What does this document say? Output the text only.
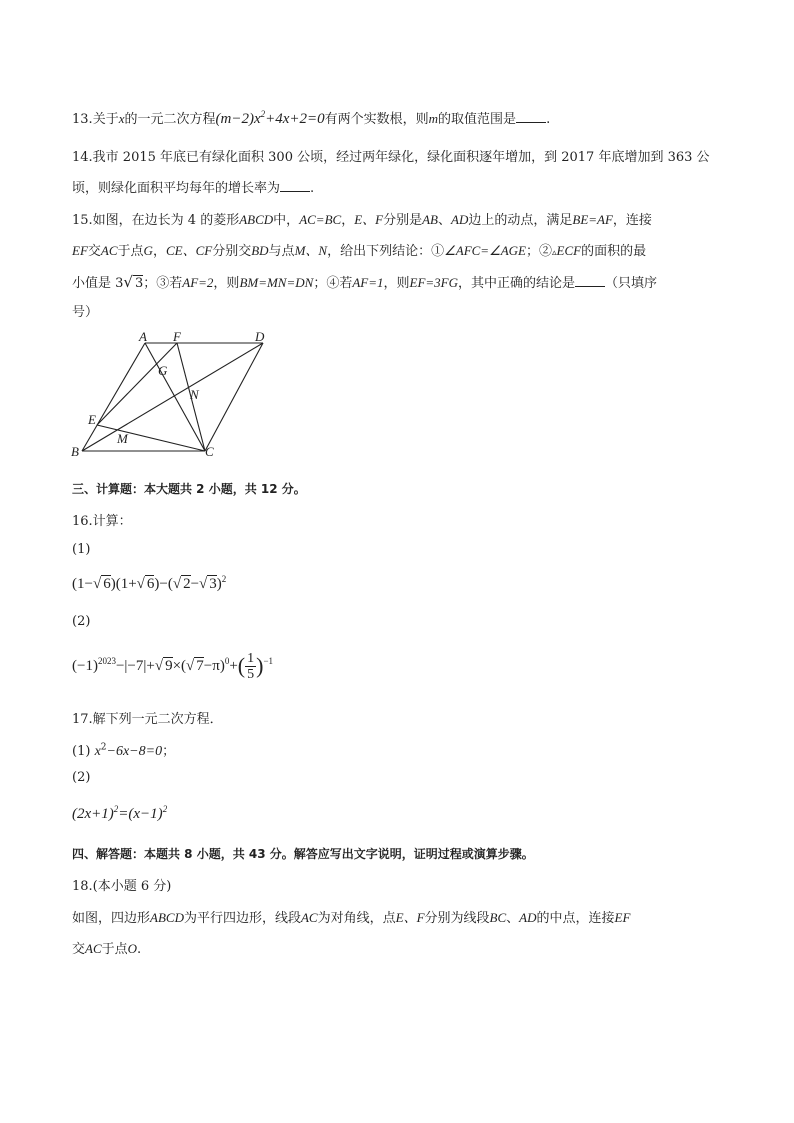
13.关于x的一元二次方程$(m-2)x^2+4x+2=0$有两个实数根，则m的取值范围是 .
14.我市 2015 年底已有绿化面积 300 公顷，经过两年绿化，绿化面积逐年增加，到 2017 年底增加到 363 公
顷，则绿化面积平均每年的增长率为 .
15.如图，在边长为 4 的菱形ABCD中，AC=BC，E、F分别是AB、AD边上的动点，满足BE=AF，连接
EF交AC于点G，CE、CF分别交BD与点M、N，给出下列结论：①∠AFC=∠AGE；②▵ECF的面积的最
小值是 3√ 3；③若AF=2，则BM=MN=DN；④若AF=1，则EF=3FG，其中正确的结论是 （只填序
号）
A F	D
G
N
E
M
B	C
三、计算题：本大题共 2 小题，共 12 分。
16.计算：
(1)
(1−√ 6)(1+√ 6)−(√ 2−√ 3)$^2$
(2)
$(-1)^{2023}-|-7|+√$ 9×(√ $7-\pi)^0+( \frac{1}{5} )^{-1}$
17.解下列一元二次方程．
(1) $x^2-6x-8=0$；
(2)
$(2x+1)^2=(x-1)^2$
四、解答题：本题共 8 小题，共 43 分。解答应写出文字说明，证明过程或演算步骤。
18.(本小题 6 分)
如图，四边形ABCD为平行四边形，线段AC为对角线，点E、F分别为线段BC、AD的中点，连接EF
交AC于点O.
